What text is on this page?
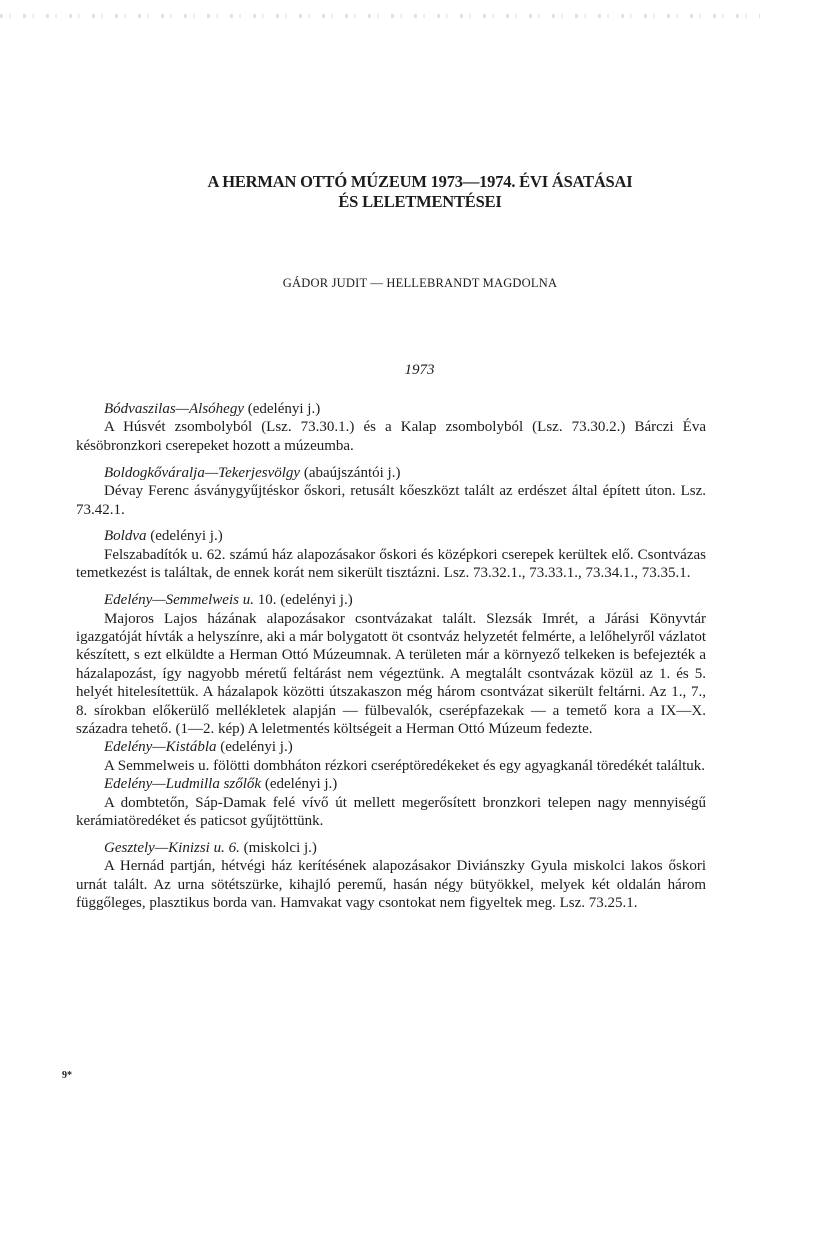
A HERMAN OTTÓ MÚZEUM 1973—1974. ÉVI ÁSATÁSAI
ÉS LELETMENTÉSEI
GÁDOR JUDIT — HELLEBRANDT MAGDOLNA
1973
Bódvaszilas—Alsóhegy (edelényi j.)

A Húsvét zsombolyból (Lsz. 73.30.1.) és a Kalap zsombolyból (Lsz. 73.30.2.) Bárczi Éva késöbronzkori cserepeket hozott a múzeumba.

Boldogkőváralja—Tekerjesvölgy (abaújszántói j.)

Dévay Ferenc ásványgyűjtéskor őskori, retusált kőeszközt talált az erdészet által épített úton. Lsz. 73.42.1.

Boldva (edelényi j.)

Felszabadítók u. 62. számú ház alapozásakor őskori és középkori cserepek kerültek elő. Csontvázas temetkezést is találtak, de ennek korát nem sikerült tisztázni. Lsz. 73.32.1., 73.33.1., 73.34.1., 73.35.1.

Edelény—Semmelweis u. 10. (edelényi j.)

Majoros Lajos házának alapozásakor csontvázakat talált. Slezsák Imrét, a Járási Könyvtár igazgatóját hívták a helyszínre, aki a már bolygatott öt csontváz helyzetét felmérte, a lelőhelyről vázlatot készített, s ezt elküldte a Herman Ottó Múzeumnak. A területen már a környező telkeken is befejezték a házalapozást, így nagyobb méretű feltárást nem végeztünk. A megtalált csontvázak közül az 1. és 5. helyét hitelesítettük. A házalapok közötti útszakaszon még három csontvázat sikerült feltárni. Az 1., 7., 8. sírokban előkerülő mellékletek alapján — fülbevalók, cserépfazekak — a temető kora a IX—X. századra tehető. (1—2. kép) A leletmentés költségeit a Herman Ottó Múzeum fedezte.

Edelény—Kistábla (edelényi j.)

A Semmelweis u. fölötti dombháton rézkori cseréptöredékeket és egy agyagkanál töredékét találtuk.

Edelény—Ludmilla szőlők (edelényi j.)

A dombtetőn, Sáp-Damak felé vívő út mellett megerősített bronzkori telepen nagy mennyiségű kerámiatöredéket és paticsot gyűjtöttünk.

Gesztely—Kinizsi u. 6. (miskolci j.)

A Hernád partján, hétvégi ház kerítésének alapozásakor Diviánszky Gyula miskolci lakos őskori urnát talált. Az urna sötétszürke, kihajló peremű, hasán négy bütyökkel, melyek két oldalán három függőleges, plasztikus borda van. Hamvakat vagy csontokat nem figyeltek meg. Lsz. 73.25.1.

9*
